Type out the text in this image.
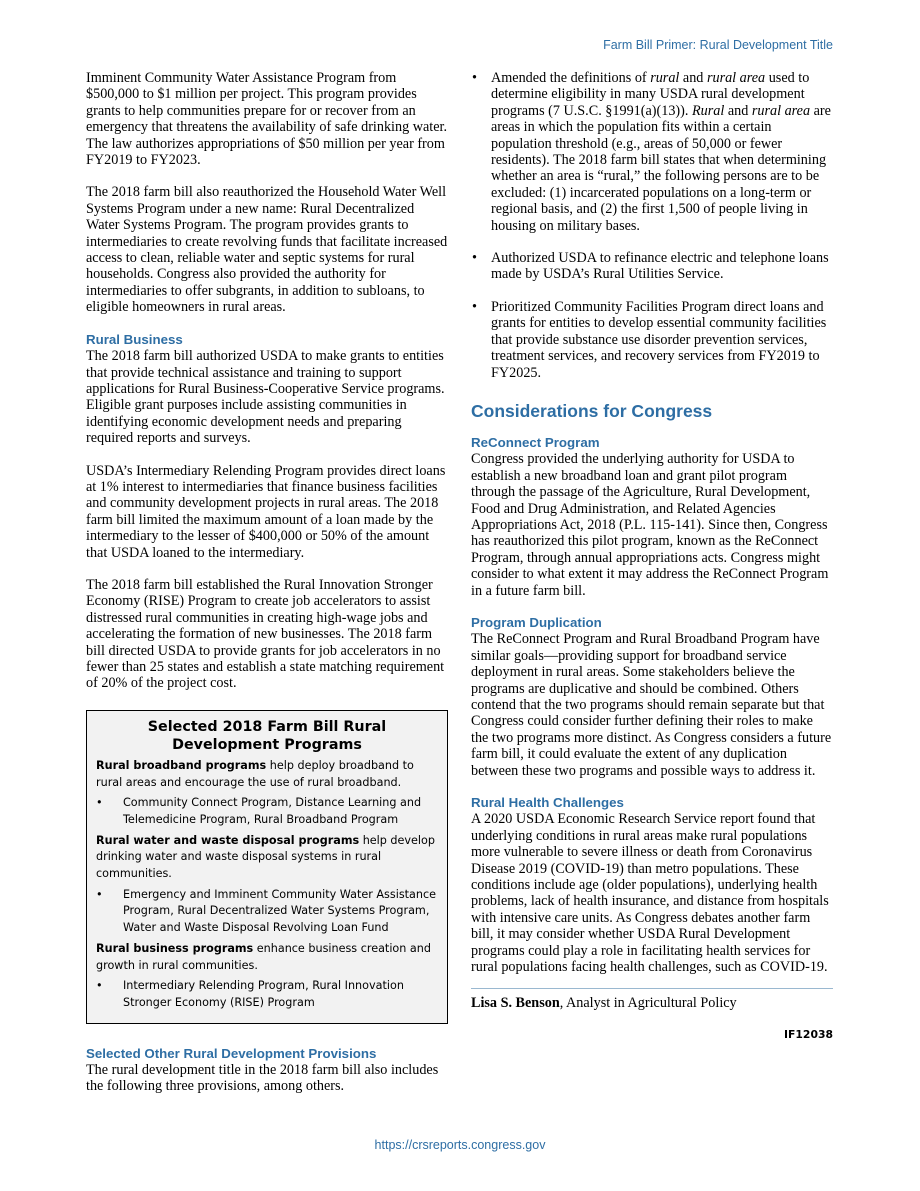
Farm Bill Primer: Rural Development Title

Imminent Community Water Assistance Program from $500,000 to $1 million per project. This program provides grants to help communities prepare for or recover from an emergency that threatens the availability of safe drinking water. The law authorizes appropriations of $50 million per year from FY2019 to FY2023.

The 2018 farm bill also reauthorized the Household Water Well Systems Program under a new name: Rural Decentralized Water Systems Program. The program provides grants to intermediaries to create revolving funds that facilitate increased access to clean, reliable water and septic systems for rural households. Congress also provided the authority for intermediaries to offer subgrants, in addition to subloans, to eligible homeowners in rural areas.

Rural Business

The 2018 farm bill authorized USDA to make grants to entities that provide technical assistance and training to support applications for Rural Business-Cooperative Service programs. Eligible grant purposes include assisting communities in identifying economic development needs and preparing required reports and surveys.

USDA’s Intermediary Relending Program provides direct loans at 1% interest to intermediaries that finance business facilities and community development projects in rural areas. The 2018 farm bill limited the maximum amount of a loan made by the intermediary to the lesser of $400,000 or 50% of the amount that USDA loaned to the intermediary.

The 2018 farm bill established the Rural Innovation Stronger Economy (RISE) Program to create job accelerators to assist distressed rural communities in creating high-wage jobs and accelerating the formation of new businesses. The 2018 farm bill directed USDA to provide grants for job accelerators in no fewer than 25 states and establish a state matching requirement of 20% of the project cost.

Selected 2018 Farm Bill Rural Development Programs

Rural broadband programs help deploy broadband to rural areas and encourage the use of rural broadband.

• Community Connect Program, Distance Learning and Telemedicine Program, Rural Broadband Program

Rural water and waste disposal programs help develop drinking water and waste disposal systems in rural communities.

• Emergency and Imminent Community Water Assistance Program, Rural Decentralized Water Systems Program, Water and Waste Disposal Revolving Loan Fund

Rural business programs enhance business creation and growth in rural communities.

• Intermediary Relending Program, Rural Innovation Stronger Economy (RISE) Program
Selected Other Rural Development Provisions

The rural development title in the 2018 farm bill also includes the following three provisions, among others.

• Amended the definitions of rural and rural area used to determine eligibility in many USDA rural development programs (7 U.S.C. §1991(a)(13)). Rural and rural area are areas in which the population fits within a certain population threshold (e.g., areas of 50,000 or fewer residents). The 2018 farm bill states that when determining whether an area is “rural,” the following persons are to be excluded: (1) incarcerated populations on a long-term or regional basis, and (2) the first 1,500 of people living in housing on military bases.
• Authorized USDA to refinance electric and telephone loans made by USDA’s Rural Utilities Service.
• Prioritized Community Facilities Program direct loans and grants for entities to develop essential community facilities that provide substance use disorder prevention services, treatment services, and recovery services from FY2019 to FY2025.
Considerations for Congress
ReConnect Program

Congress provided the underlying authority for USDA to establish a new broadband loan and grant pilot program through the passage of the Agriculture, Rural Development, Food and Drug Administration, and Related Agencies Appropriations Act, 2018 (P.L. 115-141). Since then, Congress has reauthorized this pilot program, known as the ReConnect Program, through annual appropriations acts. Congress might consider to what extent it may address the ReConnect Program in a future farm bill.

Program Duplication

The ReConnect Program and Rural Broadband Program have similar goals—providing support for broadband service deployment in rural areas. Some stakeholders believe the programs are duplicative and should be combined. Others contend that the two programs should remain separate but that Congress could consider further defining their roles to make the two programs more distinct. As Congress considers a future farm bill, it could evaluate the extent of any duplication between these two programs and possible ways to address it.

Rural Health Challenges

A 2020 USDA Economic Research Service report found that underlying conditions in rural areas make rural populations more vulnerable to severe illness or death from Coronavirus Disease 2019 (COVID-19) than metro populations. These conditions include age (older populations), underlying health problems, lack of health insurance, and distance from hospitals with intensive care units. As Congress debates another farm bill, it may consider whether USDA Rural Development programs could play a role in facilitating health services for rural populations facing health challenges, such as COVID-19.

Lisa S. Benson, Analyst in Agricultural Policy
IF12038
https://crsreports.congress.gov
